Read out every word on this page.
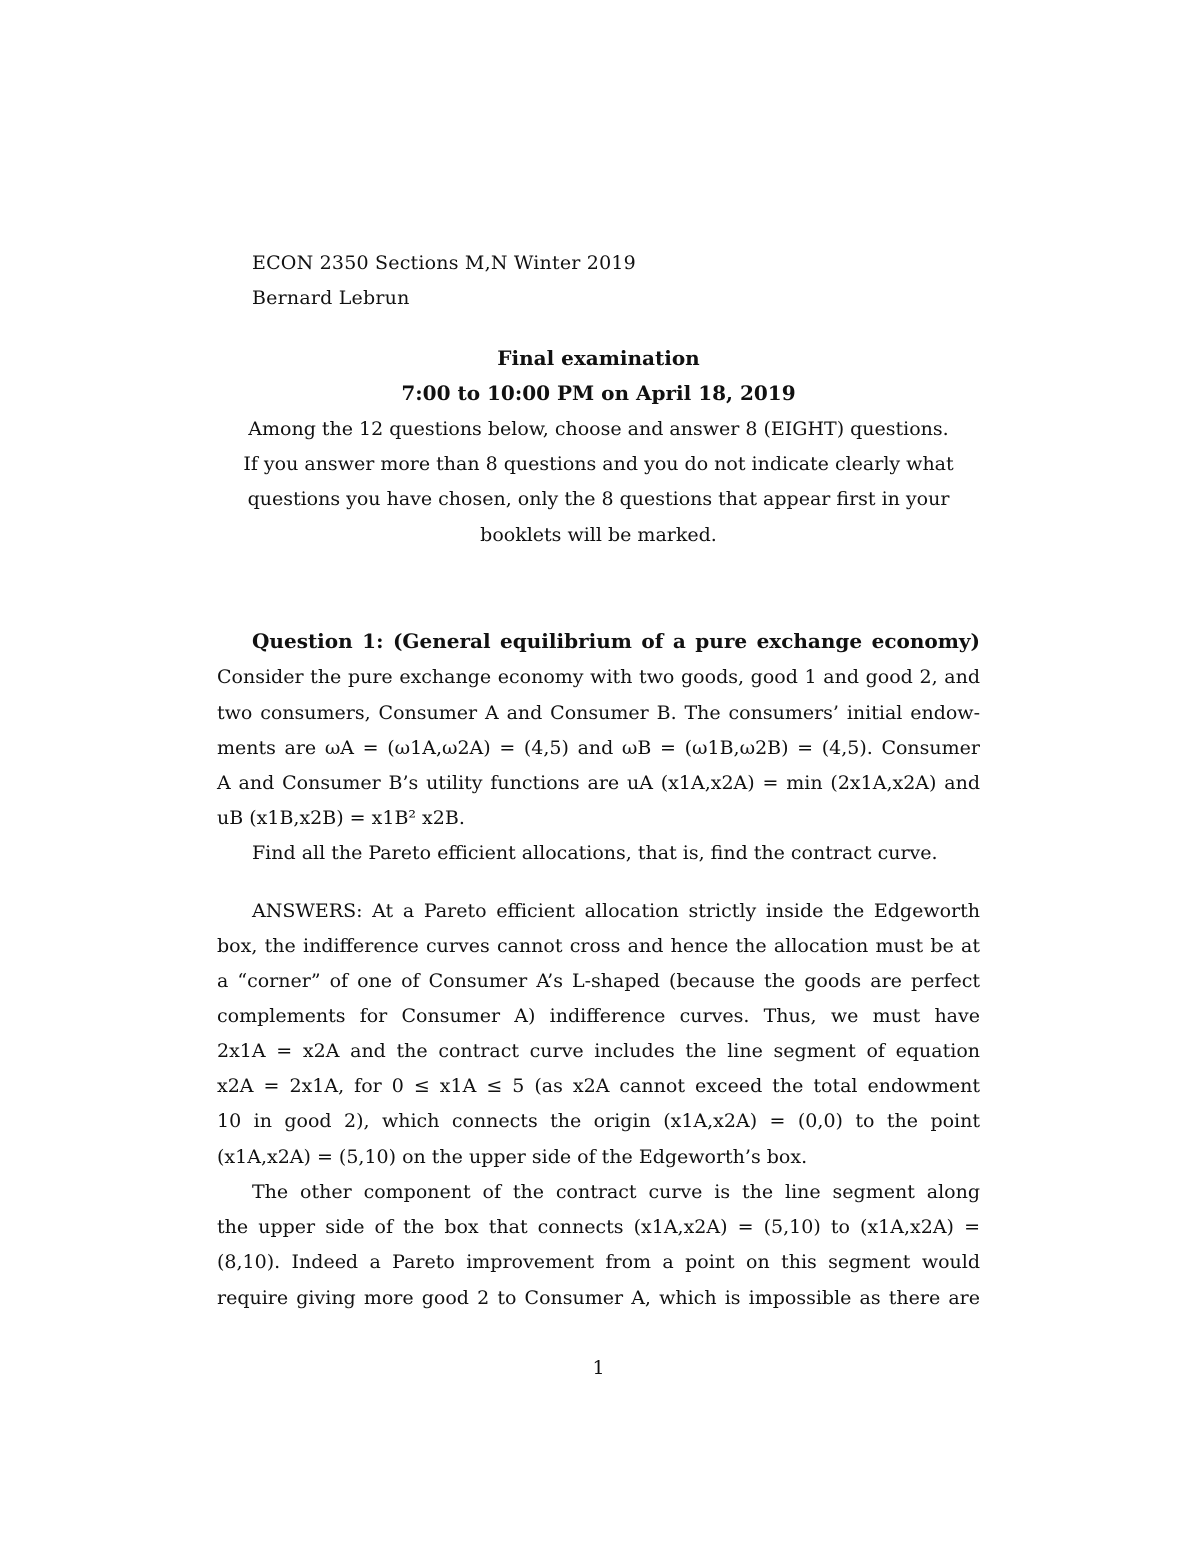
ECON 2350 Sections M,N Winter 2019
Bernard Lebrun
Final examination
7:00 to 10:00 PM on April 18, 2019
Among the 12 questions below, choose and answer 8 (EIGHT) questions.
If you answer more than 8 questions and you do not indicate clearly what
questions you have chosen, only the 8 questions that appear first in your
booklets will be marked.
Question 1: (General equilibrium of a pure exchange economy)
Consider the pure exchange economy with two goods, good 1 and good 2, and
two consumers, Consumer A and Consumer B. The consumers’ initial endow-
ments are ωA = (ω1A,ω2A) = (4,5) and ωB = (ω1B,ω2B) = (4,5). Consumer
A and Consumer B’s utility functions are uA (x1A,x2A) = min (2x1A,x2A) and
uB (x1B,x2B) = x1B² x2B.
Find all the Pareto efficient allocations, that is, find the contract curve.
ANSWERS: At a Pareto efficient allocation strictly inside the Edgeworth
box, the indifference curves cannot cross and hence the allocation must be at
a “corner” of one of Consumer A’s L-shaped (because the goods are perfect
complements for Consumer A) indifference curves. Thus, we must have
2x1A = x2A and the contract curve includes the line segment of equation
x2A = 2x1A, for 0 ≤ x1A ≤ 5 (as x2A cannot exceed the total endowment
10 in good 2), which connects the origin (x1A,x2A) = (0,0) to the point
(x1A,x2A) = (5,10) on the upper side of the Edgeworth’s box.
The other component of the contract curve is the line segment along
the upper side of the box that connects (x1A,x2A) = (5,10) to (x1A,x2A) =
(8,10). Indeed a Pareto improvement from a point on this segment would
require giving more good 2 to Consumer A, which is impossible as there are
1
